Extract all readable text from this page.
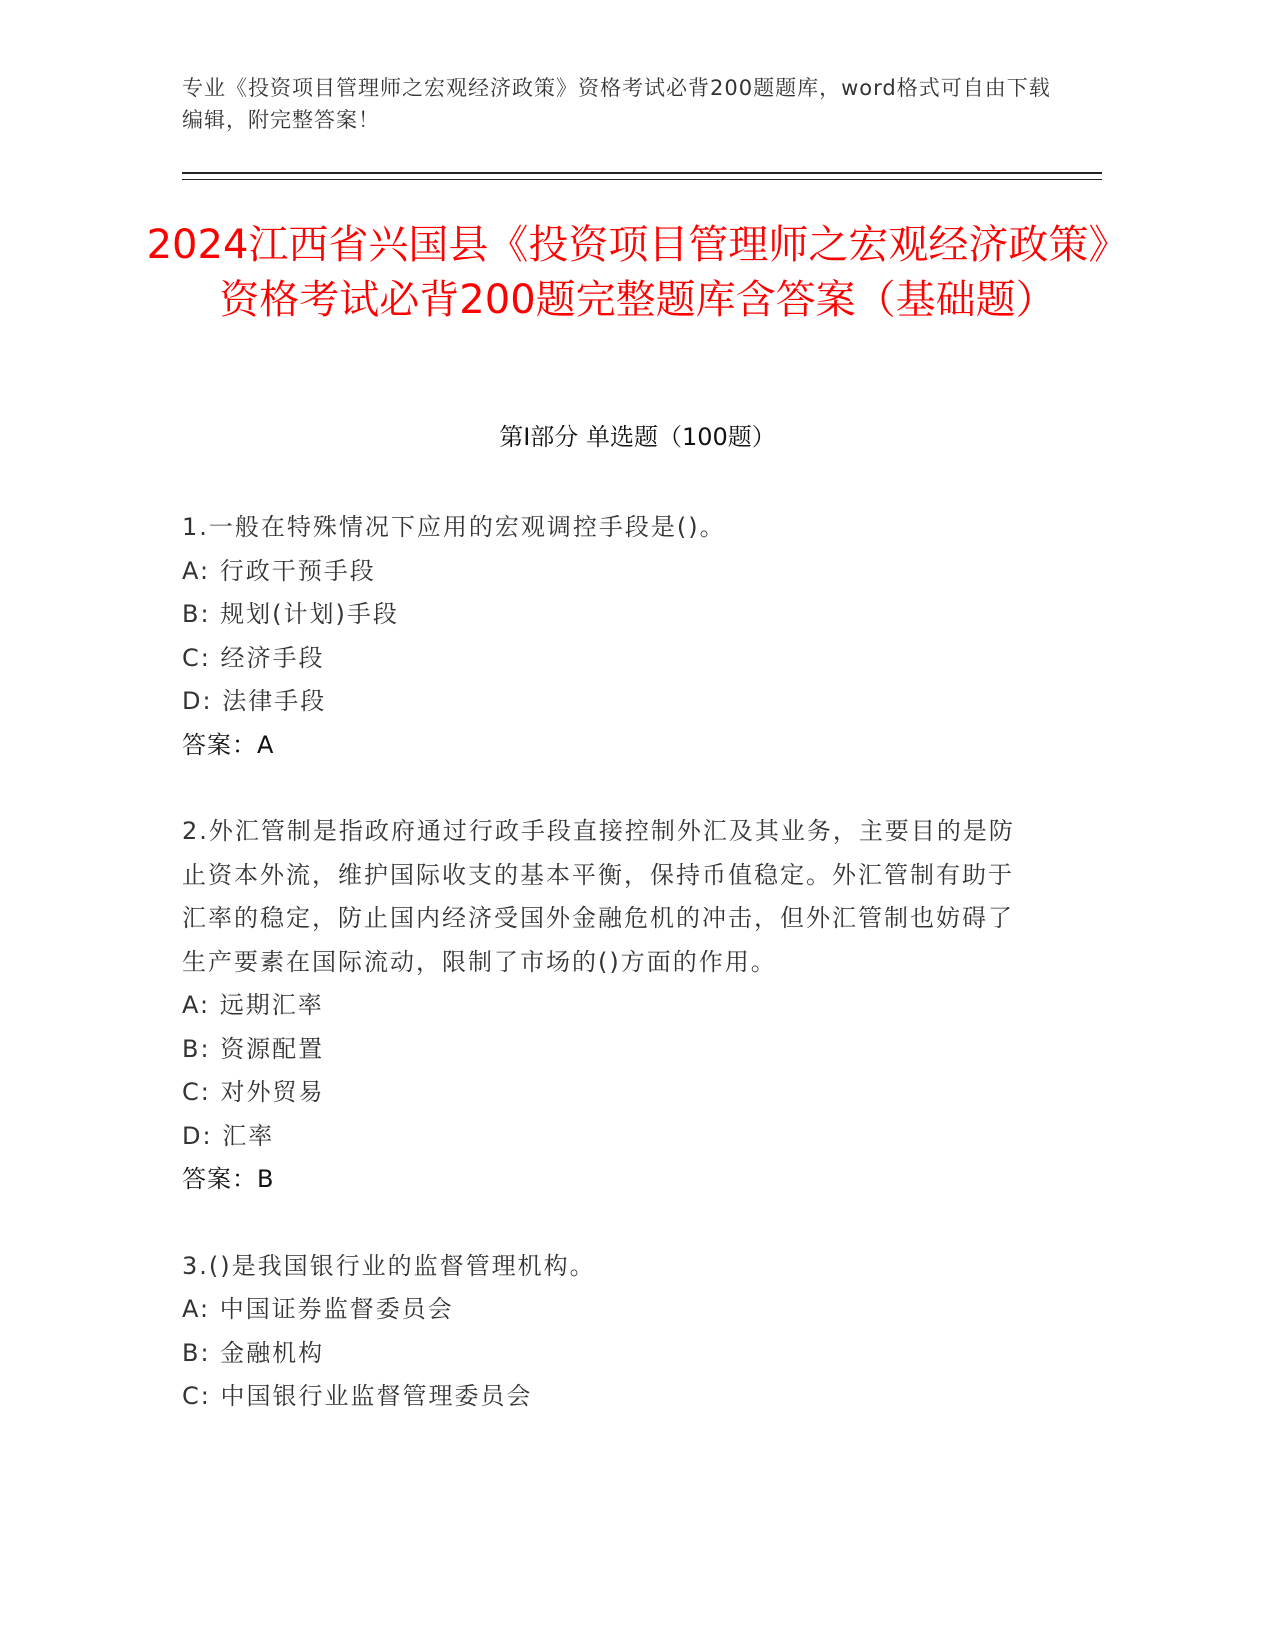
专业《投资项目管理师之宏观经济政策》资格考试必背200题题库，word格式可自由下载编辑，附完整答案！
2024江西省兴国县《投资项目管理师之宏观经济政策》资格考试必背200题完整题库含答案（基础题）
第Ⅰ部分 单选题（100题）
1.一般在特殊情况下应用的宏观调控手段是()。
A: 行政干预手段
B: 规划(计划)手段
C: 经济手段
D: 法律手段
答案：A
2.外汇管制是指政府通过行政手段直接控制外汇及其业务，主要目的是防止资本外流，维护国际收支的基本平衡，保持币值稳定。外汇管制有助于汇率的稳定，防止国内经济受国外金融危机的冲击，但外汇管制也妨碍了生产要素在国际流动，限制了市场的()方面的作用。
A: 远期汇率
B: 资源配置
C: 对外贸易
D: 汇率
答案：B
3.()是我国银行业的监督管理机构。
A: 中国证券监督委员会
B: 金融机构
C: 中国银行业监督管理委员会
